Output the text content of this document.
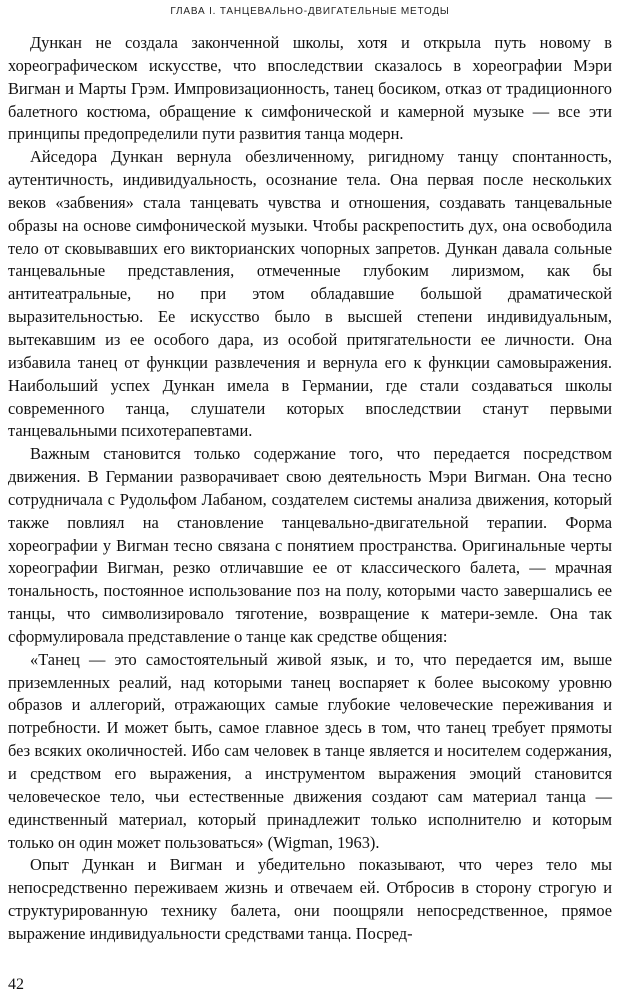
ГЛАВА I. ТАНЦЕВАЛЬНО-ДВИГАТЕЛЬНЫЕ МЕТОДЫ

Дункан не создала законченной школы, хотя и открыла путь новому в хореографическом искусстве, что впоследствии сказалось в хореографии Мэри Вигман и Марты Грэм. Импровизационность, танец босиком, отказ от традиционного балетного костюма, обращение к симфонической и камерной музыке — все эти принципы предопределили пути развития танца модерн.

Айседора Дункан вернула обезличенному, ригидному танцу спонтанность, аутентичность, индивидуальность, осознание тела. Она первая после нескольких веков «забвения» стала танцевать чувства и отношения, создавать танцевальные образы на основе симфонической музыки. Чтобы раскрепостить дух, она освободила тело от сковывавших его викторианских чопорных запретов. Дункан давала сольные танцевальные представления, отмеченные глубоким лиризмом, как бы антитеатральные, но при этом обладавшие большой драматической выразительностью. Ее искусство было в высшей степени индивидуальным, вытекавшим из ее особого дара, из особой притягательности ее личности. Она избавила танец от функции развлечения и вернула его к функции самовыражения. Наибольший успех Дункан имела в Германии, где стали создаваться школы современного танца, слушатели которых впоследствии станут первыми танцевальными психотерапевтами.

Важным становится только содержание того, что передается посредством движения. В Германии разворачивает свою деятельность Мэри Вигман. Она тесно сотрудничала с Рудольфом Лабаном, создателем системы анализа движения, который также повлиял на становление танцевально-двигательной терапии. Форма хореографии у Вигман тесно связана с понятием пространства. Оригинальные черты хореографии Вигман, резко отличавшие ее от классического балета, — мрачная тональность, постоянное использование поз на полу, которыми часто завершались ее танцы, что символизировало тяготение, возвращение к матери-земле. Она так сформулировала представление о танце как средстве общения:

«Танец — это самостоятельный живой язык, и то, что передается им, выше приземленных реалий, над которыми танец воспаряет к более высокому уровню образов и аллегорий, отражающих самые глубокие человеческие переживания и потребности. И может быть, самое главное здесь в том, что танец требует прямоты без всяких околичностей. Ибо сам человек в танце является и носителем содержания, и средством его выражения, а инструментом выражения эмоций становится человеческое тело, чьи естественные движения создают сам материал танца — единственный материал, который принадлежит только исполнителю и которым только он один может пользоваться» (Wigman, 1963).

Опыт Дункан и Вигман и убедительно показывают, что через тело мы непосредственно переживаем жизнь и отвечаем ей. Отбросив в сторону строгую и структурированную технику балета, они поощряли непосредственное, прямое выражение индивидуальности средствами танца. Посред-

42
